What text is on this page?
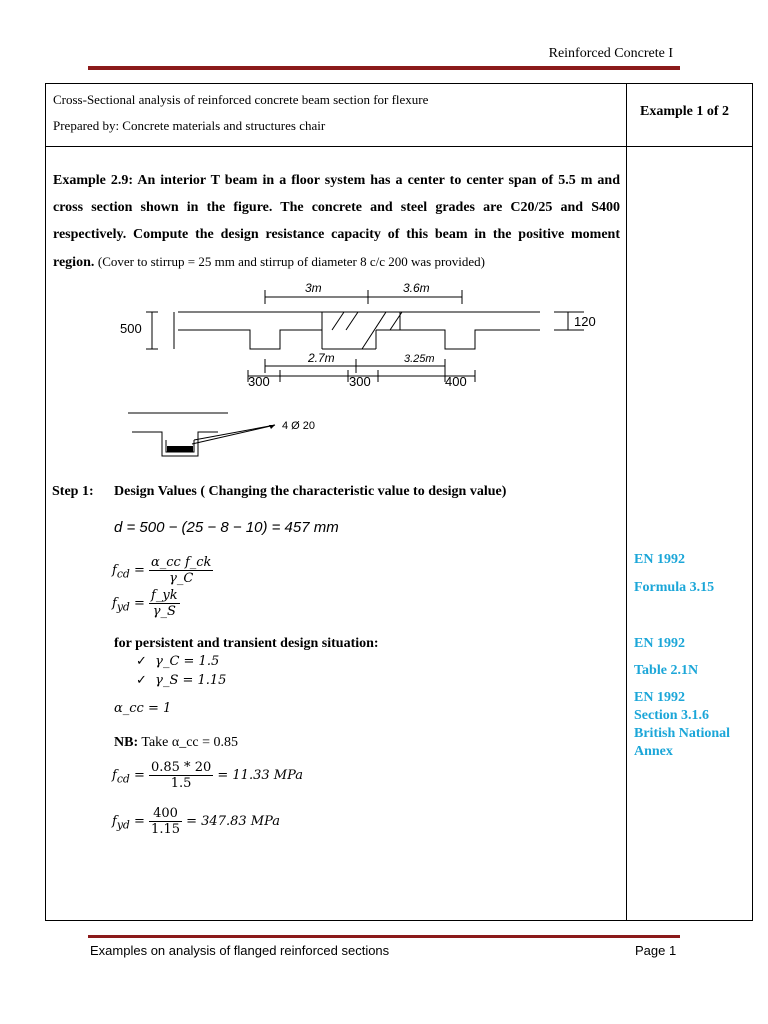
Reinforced Concrete I
Cross-Sectional analysis of reinforced concrete beam section for flexure
Prepared by: Concrete materials and structures chair
Example 1 of 2
Example 2.9: An interior T beam in a floor system has a center to center span of 5.5 m and cross section shown in the figure. The concrete and steel grades are C20/25 and S400 respectively. Compute the design resistance capacity of this beam in the positive moment region. (Cover to stirrup = 25 mm and stirrup of diameter 8 c/c 200 was provided)
3m	3.6m
500	120
2.7m	3.25m
300	300	400
4 Ø 20
Step 1: Design Values ( Changing the characteristic value to design value)
d = 500 − (25 − 8 − 10) = 457 mm
$f_{cd} = \frac{\text{α\_cc f\_ck}}{\gamma\_C}$
$f_{yd} = \frac{f\_yk}{\gamma\_S}$
for persistent and transient design situation:
✓ γ_C = 1.5
✓ γ_S = 1.15
α_cc = 1
NB: Take α_cc = 0.85
$f_{cd} = \frac{0.85 * 20}{1.5} = 11.33$ MPa
$f_{yd} = \frac{400}{1.15} = 347.83$ MPa
EN 1992
Formula 3.15
EN 1992
Table 2.1N
EN 1992
Section 3.1.6
British National
Annex
Examples on analysis of flanged reinforced sections	Page 1
